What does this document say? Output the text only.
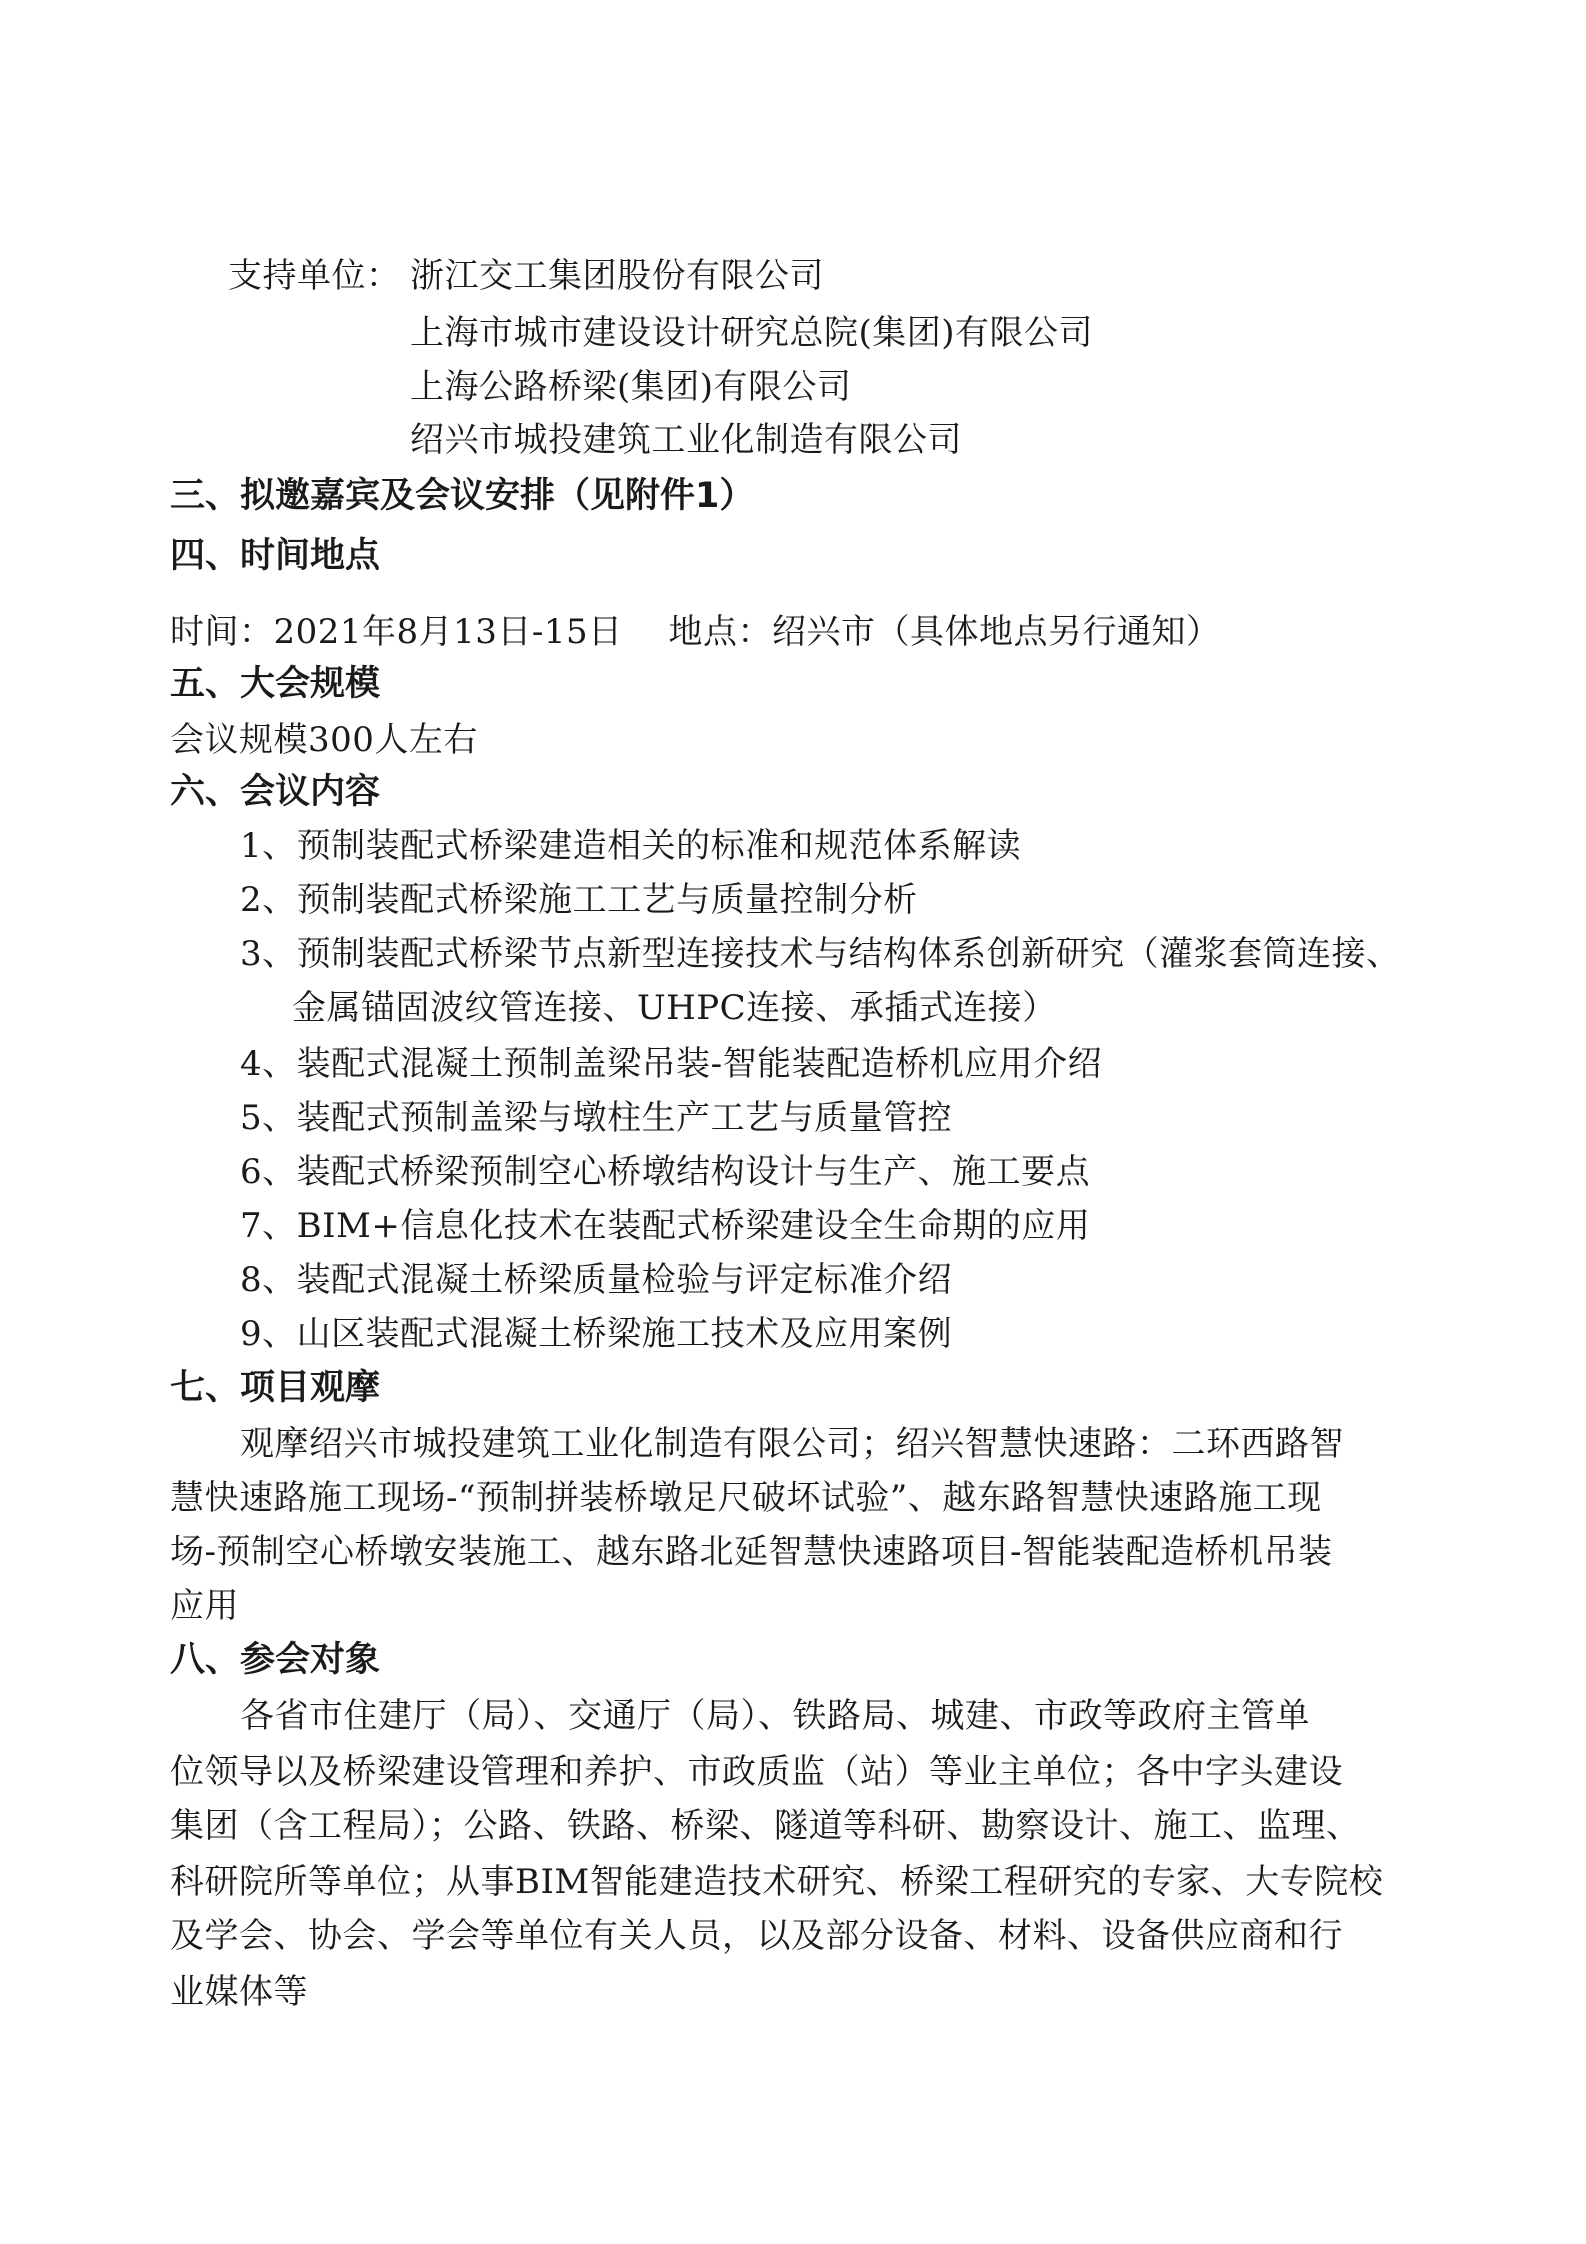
支持单位： 浙江交工集团股份有限公司
上海市城市建设设计研究总院(集团)有限公司
上海公路桥梁(集团)有限公司
绍兴市城投建筑工业化制造有限公司
三、拟邀嘉宾及会议安排（见附件1）
四、时间地点
时间：2021年8月13日-15日　 地点：绍兴市（具体地点另行通知）
五、大会规模
会议规模300人左右
六、会议内容
1、预制装配式桥梁建造相关的标准和规范体系解读
2、预制装配式桥梁施工工艺与质量控制分析
3、预制装配式桥梁节点新型连接技术与结构体系创新研究（灌浆套筒连接、
金属锚固波纹管连接、UHPC连接、承插式连接）
4、装配式混凝土预制盖梁吊装-智能装配造桥机应用介绍
5、装配式预制盖梁与墩柱生产工艺与质量管控
6、装配式桥梁预制空心桥墩结构设计与生产、施工要点
7、BIM+信息化技术在装配式桥梁建设全生命期的应用
8、装配式混凝土桥梁质量检验与评定标准介绍
9、山区装配式混凝土桥梁施工技术及应用案例
七、项目观摩
观摩绍兴市城投建筑工业化制造有限公司；绍兴智慧快速路：二环西路智
慧快速路施工现场-“预制拼装桥墩足尺破坏试验”、越东路智慧快速路施工现
场-预制空心桥墩安装施工、越东路北延智慧快速路项目-智能装配造桥机吊装
应用
八、参会对象
各省市住建厅（局）、交通厅（局）、铁路局、城建、市政等政府主管单
位领导以及桥梁建设管理和养护、市政质监（站）等业主单位；各中字头建设
集团（含工程局）；公路、铁路、桥梁、隧道等科研、勘察设计、施工、监理、
科研院所等单位；从事BIM智能建造技术研究、桥梁工程研究的专家、大专院校
及学会、协会、学会等单位有关人员，以及部分设备、材料、设备供应商和行
业媒体等
